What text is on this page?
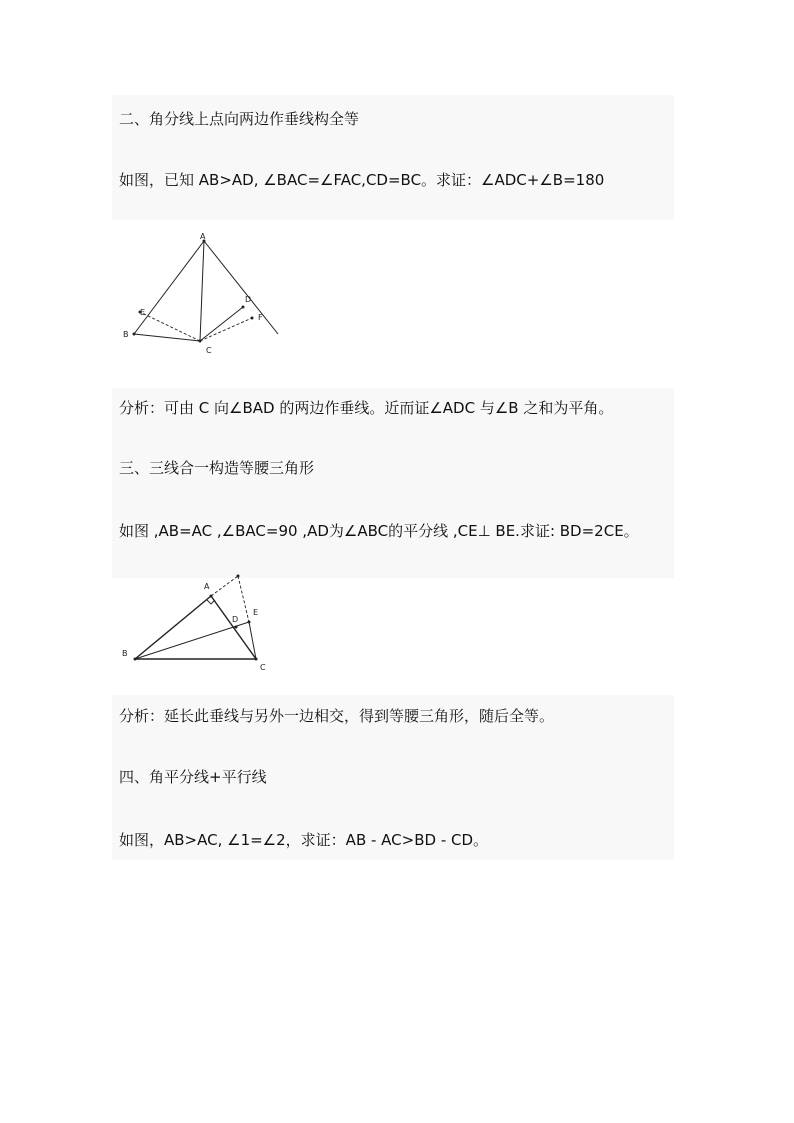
二、角分线上点向两边作垂线构全等
如图，已知 AB>AD, ∠BAC=∠FAC,CD=BC。求证：∠ADC+∠B=180
A
B
C
D
E
F
分析：可由 C 向∠BAD 的两边作垂线。近而证∠ADC 与∠B 之和为平角。
三、三线合一构造等腰三角形
如图 ,AB=AC ,∠BAC=90 ,AD为∠ABC的平分线 ,CE⊥ BE.求证: BD=2CE。
A
B
C
D
E
分析：延长此垂线与另外一边相交，得到等腰三角形，随后全等。
四、角平分线+平行线
如图，AB>AC, ∠1=∠2，求证：AB - AC>BD - CD。
